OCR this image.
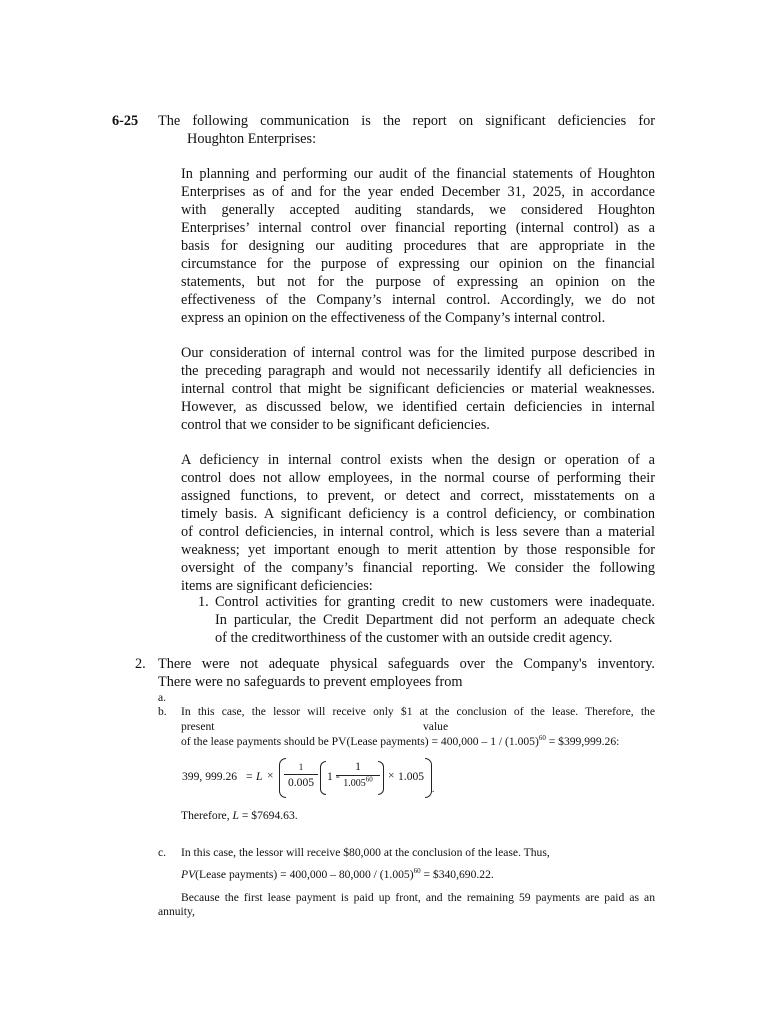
6-25 The following communication is the report on significant deficiencies for
Houghton Enterprises:
In planning and performing our audit of the financial statements of Houghton
Enterprises as of and for the year ended December 31, 2025, in accordance
with generally accepted auditing standards, we considered Houghton
Enterprises’ internal control over financial reporting (internal control) as a
basis for designing our auditing procedures that are appropriate in the
circumstance for the purpose of expressing our opinion on the financial
statements, but not for the purpose of expressing an opinion on the
effectiveness of the Company’s internal control. Accordingly, we do not
express an opinion on the effectiveness of the Company’s internal control.
Our consideration of internal control was for the limited purpose described in
the preceding paragraph and would not necessarily identify all deficiencies in
internal control that might be significant deficiencies or material weaknesses.
However, as discussed below, we identified certain deficiencies in internal
control that we consider to be significant deficiencies.
A deficiency in internal control exists when the design or operation of a
control does not allow employees, in the normal course of performing their
assigned functions, to prevent, or detect and correct, misstatements on a
timely basis. A significant deficiency is a control deficiency, or combination
of control deficiencies, in internal control, which is less severe than a material
weakness; yet important enough to merit attention by those responsible for
oversight of the company’s financial reporting. We consider the following
items are significant deficiencies:
1. Control activities for granting credit to new customers were inadequate.
In particular, the Credit Department did not perform an adequate check
of the creditworthiness of the customer with an outside credit agency.
2. There were not adequate physical safeguards over the Company's inventory.
There were no safeguards to prevent employees from
a.
b. In this case, the lessor will receive only $1 at the conclusion of the lease. Therefore, the
present	value
of the lease payments should be PV(Lease payments) = $400,000 - 1 / (1.005)^{60}$ = $399,999.26:
399, 999.26 = L ×
1
0.005	1 -
$\frac{1}{1.005^{60}} \times 1.005$
.
Therefore, L = $7694.63.
c. In this case, the lessor will receive $80,000 at the conclusion of the lease. Thus,
PV(Lease payments) = $400,000 - 80,000 / (1.005)^{60}$ = $340,690.22.
Because the first lease payment is paid up front, and the remaining 59 payments are paid as an
annuity,
